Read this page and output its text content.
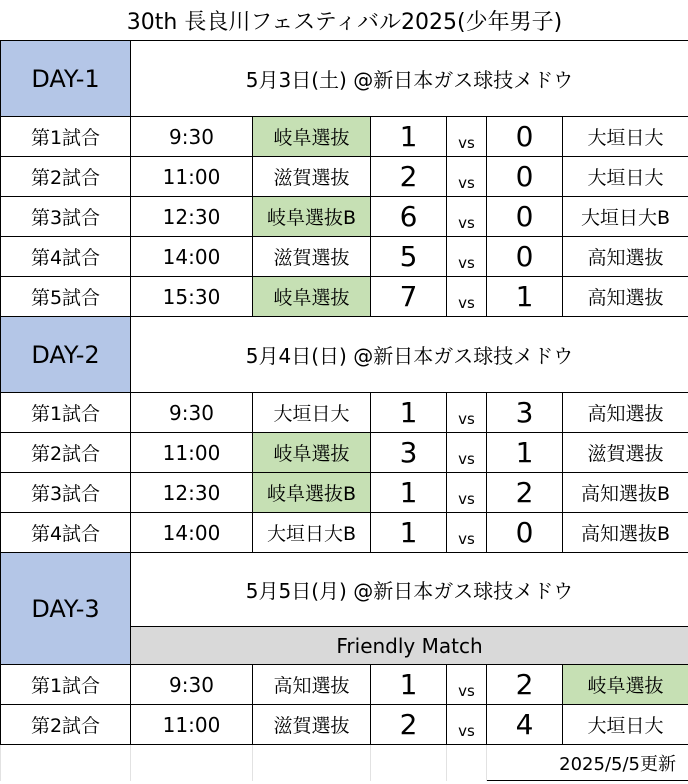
30th 長良川フェスティバル2025(少年男子)						
DAY-1	5月3日(土) @新日本ガス球技メドウ					
第1試合	9:30	岐阜選抜	1	vs	0	大垣日大
第2試合	11:00	滋賀選抜	2	vs	0	大垣日大
第3試合	12:30	岐阜選抜B	6	vs	0	大垣日大B
第4試合	14:00	滋賀選抜	5	vs	0	高知選抜
第5試合	15:30	岐阜選抜	7	vs	1	高知選抜
DAY-2	5月4日(日) @新日本ガス球技メドウ					
第1試合	9:30	大垣日大	1	vs	3	高知選抜
第2試合	11:00	岐阜選抜	3	vs	1	滋賀選抜
第3試合	12:30	岐阜選抜B	1	vs	2	高知選抜B
第4試合	14:00	大垣日大B	1	vs	0	高知選抜B
DAY-3	5月5日(月) @新日本ガス球技メドウ					
	Friendly Match					
第1試合	9:30	高知選抜	1	vs	2	岐阜選抜
第2試合	11:00	滋賀選抜	2	vs	4	大垣日大
					2025/5/5更新	
